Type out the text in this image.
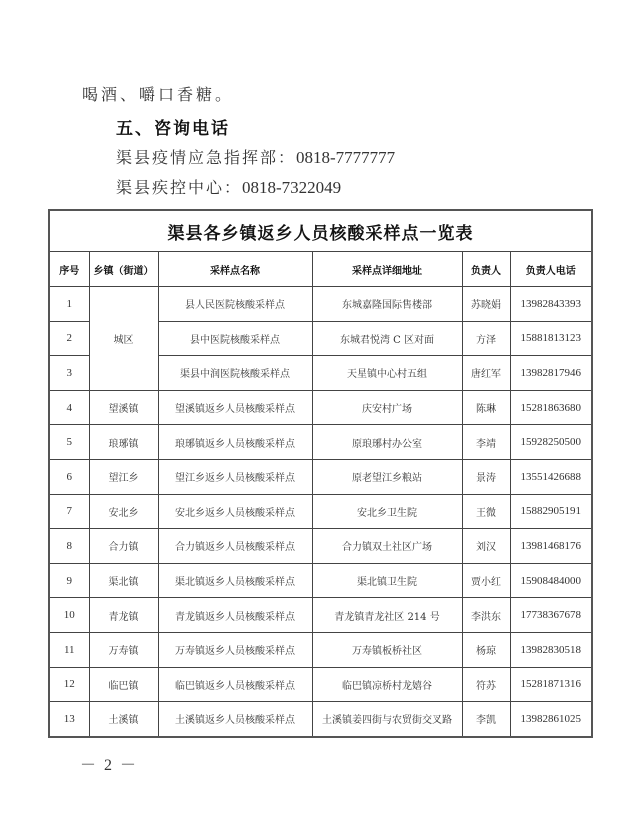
喝酒、嚼口香糖。
五、咨询电话
渠县疫情应急指挥部：0818-7777777
渠县疾控中心：0818-7322049
渠县各乡镇返乡人员核酸采样点一览表					
序号	乡镇（街道）	采样点名称	采样点详细地址	负责人	负责人电话
1	城区	县人民医院核酸采样点	东城嘉隆国际售楼部	苏晓娟	13982843393
2		县中医院核酸采样点	东城君悦湾 C 区对面	方泽	15881813123
3		渠县中润医院核酸采样点	天星镇中心村五组	唐红军	13982817946
4	望溪镇	望溪镇返乡人员核酸采样点	庆安村广场	陈琳	15281863680
5	琅琊镇	琅琊镇返乡人员核酸采样点	原琅琊村办公室	李靖	15928250500
6	望江乡	望江乡返乡人员核酸采样点	原老望江乡粮站	景涛	13551426688
7	安北乡	安北乡返乡人员核酸采样点	安北乡卫生院	王微	15882905191
8	合力镇	合力镇返乡人员核酸采样点	合力镇双土社区广场	刘汉	13981468176
9	渠北镇	渠北镇返乡人员核酸采样点	渠北镇卫生院	贾小红	15908484000
10	青龙镇	青龙镇返乡人员核酸采样点	青龙镇青龙社区 214 号	李洪东	17738367678
11	万寿镇	万寿镇返乡人员核酸采样点	万寿镇板桥社区	杨琼	13982830518
12	临巴镇	临巴镇返乡人员核酸采样点	临巴镇凉桥村龙嬉谷	符苏	15281871316
13	土溪镇	土溪镇返乡人员核酸采样点	土溪镇姜四街与农贸街交叉路	李凯	13982861025
－ 2 －
